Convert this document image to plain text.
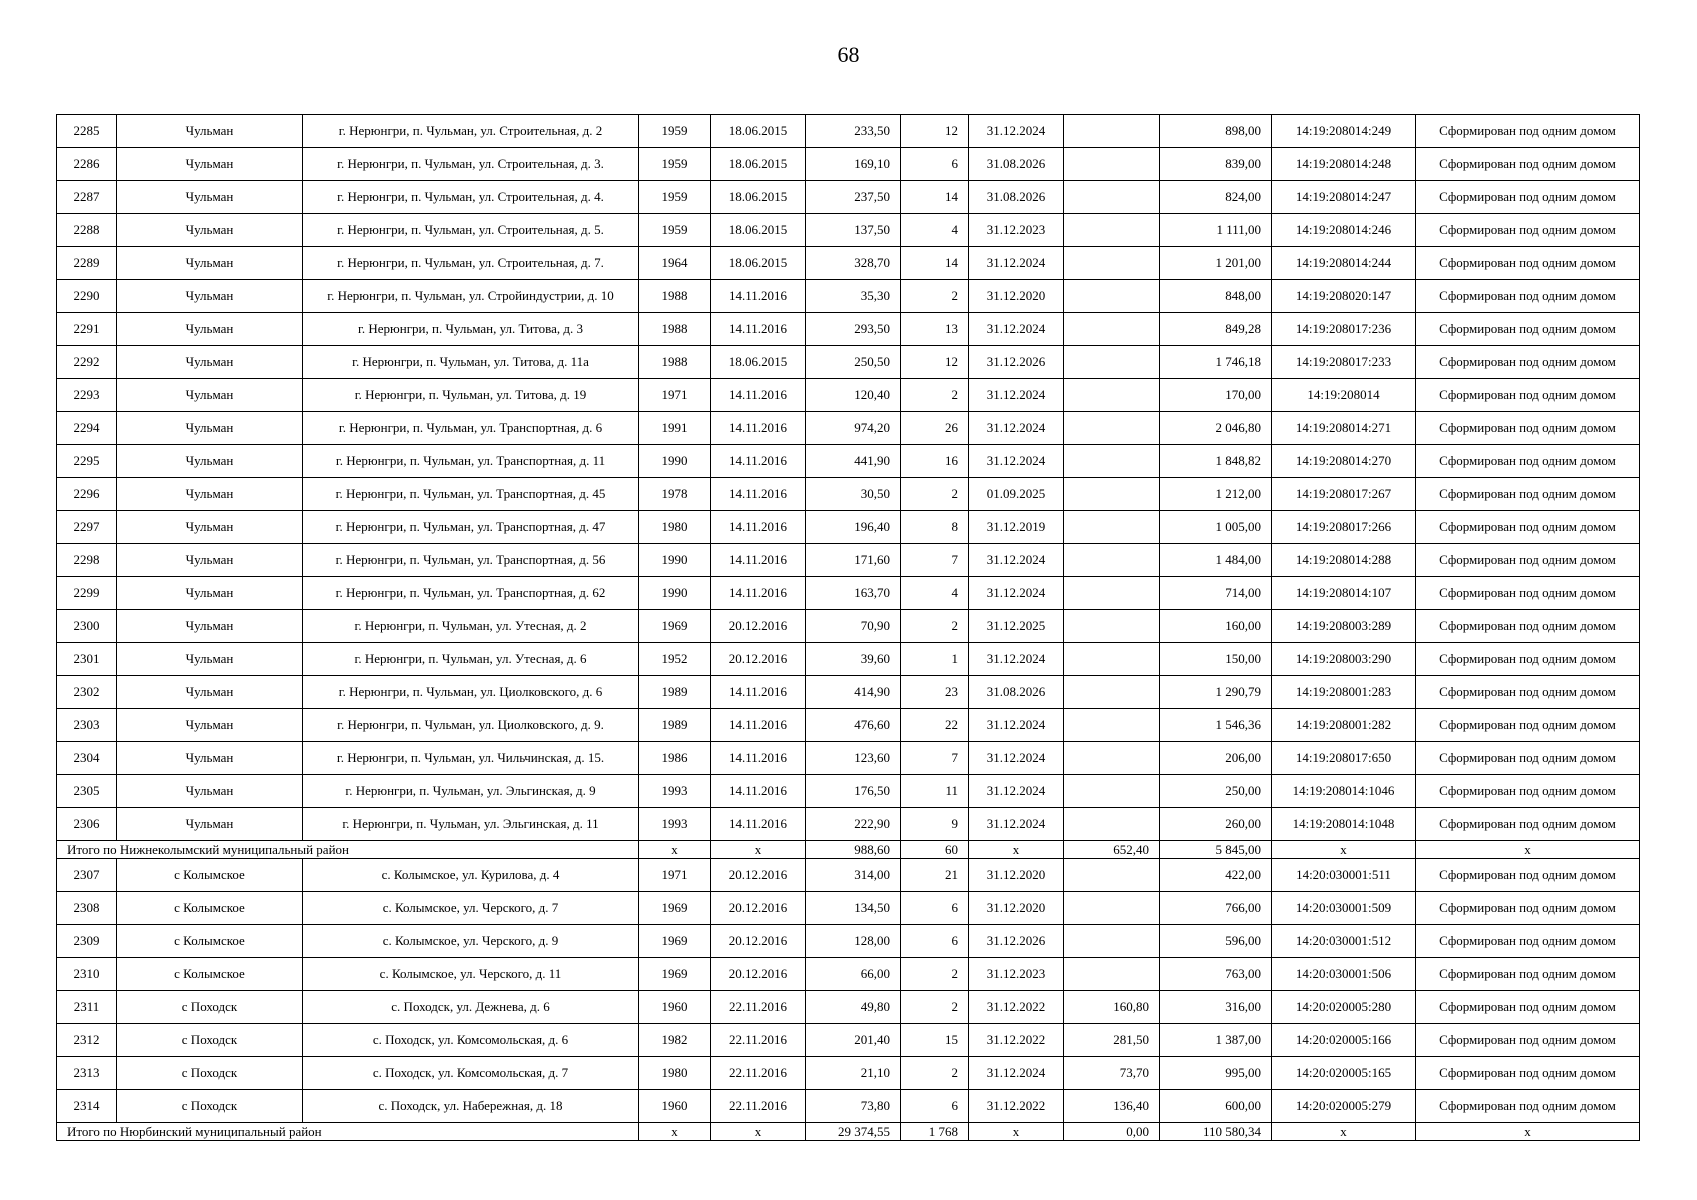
68
2285	Чульман	г. Нерюнгри, п. Чульман, ул. Строительная, д. 2	1959	18.06.2015	233,50	12	31.12.2024		898,00	14:19:208014:249	Сформирован под одним домом
2286	Чульман	г. Нерюнгри, п. Чульман, ул. Строительная, д. 3.	1959	18.06.2015	169,10	6	31.08.2026		839,00	14:19:208014:248	Сформирован под одним домом
2287	Чульман	г. Нерюнгри, п. Чульман, ул. Строительная, д. 4.	1959	18.06.2015	237,50	14	31.08.2026		824,00	14:19:208014:247	Сформирован под одним домом
2288	Чульман	г. Нерюнгри, п. Чульман, ул. Строительная, д. 5.	1959	18.06.2015	137,50	4	31.12.2023		1 111,00	14:19:208014:246	Сформирован под одним домом
2289	Чульман	г. Нерюнгри, п. Чульман, ул. Строительная, д. 7.	1964	18.06.2015	328,70	14	31.12.2024		1 201,00	14:19:208014:244	Сформирован под одним домом
2290	Чульман	г. Нерюнгри, п. Чульман, ул. Стройиндустрии, д. 10	1988	14.11.2016	35,30	2	31.12.2020		848,00	14:19:208020:147	Сформирован под одним домом
2291	Чульман	г. Нерюнгри, п. Чульман, ул. Титова, д. 3	1988	14.11.2016	293,50	13	31.12.2024		849,28	14:19:208017:236	Сформирован под одним домом
2292	Чульман	г. Нерюнгри, п. Чульман, ул. Титова, д. 11а	1988	18.06.2015	250,50	12	31.12.2026		1 746,18	14:19:208017:233	Сформирован под одним домом
2293	Чульман	г. Нерюнгри, п. Чульман, ул. Титова, д. 19	1971	14.11.2016	120,40	2	31.12.2024		170,00	14:19:208014	Сформирован под одним домом
2294	Чульман	г. Нерюнгри, п. Чульман, ул. Транспортная, д. 6	1991	14.11.2016	974,20	26	31.12.2024		2 046,80	14:19:208014:271	Сформирован под одним домом
2295	Чульман	г. Нерюнгри, п. Чульман, ул. Транспортная, д. 11	1990	14.11.2016	441,90	16	31.12.2024		1 848,82	14:19:208014:270	Сформирован под одним домом
2296	Чульман	г. Нерюнгри, п. Чульман, ул. Транспортная, д. 45	1978	14.11.2016	30,50	2	01.09.2025		1 212,00	14:19:208017:267	Сформирован под одним домом
2297	Чульман	г. Нерюнгри, п. Чульман, ул. Транспортная, д. 47	1980	14.11.2016	196,40	8	31.12.2019		1 005,00	14:19:208017:266	Сформирован под одним домом
2298	Чульман	г. Нерюнгри, п. Чульман, ул. Транспортная, д. 56	1990	14.11.2016	171,60	7	31.12.2024		1 484,00	14:19:208014:288	Сформирован под одним домом
2299	Чульман	г. Нерюнгри, п. Чульман, ул. Транспортная, д. 62	1990	14.11.2016	163,70	4	31.12.2024		714,00	14:19:208014:107	Сформирован под одним домом
2300	Чульман	г. Нерюнгри, п. Чульман, ул. Утесная, д. 2	1969	20.12.2016	70,90	2	31.12.2025		160,00	14:19:208003:289	Сформирован под одним домом
2301	Чульман	г. Нерюнгри, п. Чульман, ул. Утесная, д. 6	1952	20.12.2016	39,60	1	31.12.2024		150,00	14:19:208003:290	Сформирован под одним домом
2302	Чульман	г. Нерюнгри, п. Чульман, ул. Циолковского, д. 6	1989	14.11.2016	414,90	23	31.08.2026		1 290,79	14:19:208001:283	Сформирован под одним домом
2303	Чульман	г. Нерюнгри, п. Чульман, ул. Циолковского, д. 9.	1989	14.11.2016	476,60	22	31.12.2024		1 546,36	14:19:208001:282	Сформирован под одним домом
2304	Чульман	г. Нерюнгри, п. Чульман, ул. Чильчинская, д. 15.	1986	14.11.2016	123,60	7	31.12.2024		206,00	14:19:208017:650	Сформирован под одним домом
2305	Чульман	г. Нерюнгри, п. Чульман, ул. Эльгинская, д. 9	1993	14.11.2016	176,50	11	31.12.2024		250,00	14:19:208014:1046	Сформирован под одним домом
2306	Чульман	г. Нерюнгри, п. Чульман, ул. Эльгинская, д. 11	1993	14.11.2016	222,90	9	31.12.2024		260,00	14:19:208014:1048	Сформирован под одним домом
Итого по Нижнеколымский муниципальный район			х	х	988,60	60	х	652,40	5 845,00	х	х
2307	с Колымское	с. Колымское, ул. Курилова, д. 4	1971	20.12.2016	314,00	21	31.12.2020		422,00	14:20:030001:511	Сформирован под одним домом
2308	с Колымское	с. Колымское, ул. Черского, д. 7	1969	20.12.2016	134,50	6	31.12.2020		766,00	14:20:030001:509	Сформирован под одним домом
2309	с Колымское	с. Колымское, ул. Черского, д. 9	1969	20.12.2016	128,00	6	31.12.2026		596,00	14:20:030001:512	Сформирован под одним домом
2310	с Колымское	с. Колымское, ул. Черского, д. 11	1969	20.12.2016	66,00	2	31.12.2023		763,00	14:20:030001:506	Сформирован под одним домом
2311	с Походск	с. Походск, ул. Дежнева, д. 6	1960	22.11.2016	49,80	2	31.12.2022	160,80	316,00	14:20:020005:280	Сформирован под одним домом
2312	с Походск	с. Походск, ул. Комсомольская, д. 6	1982	22.11.2016	201,40	15	31.12.2022	281,50	1 387,00	14:20:020005:166	Сформирован под одним домом
2313	с Походск	с. Походск, ул. Комсомольская, д. 7	1980	22.11.2016	21,10	2	31.12.2024	73,70	995,00	14:20:020005:165	Сформирован под одним домом
2314	с Походск	с. Походск, ул. Набережная, д. 18	1960	22.11.2016	73,80	6	31.12.2022	136,40	600,00	14:20:020005:279	Сформирован под одним домом
Итого по Нюрбинский муниципальный район			х	х	29 374,55	1 768	х	0,00	110 580,34	х	х
